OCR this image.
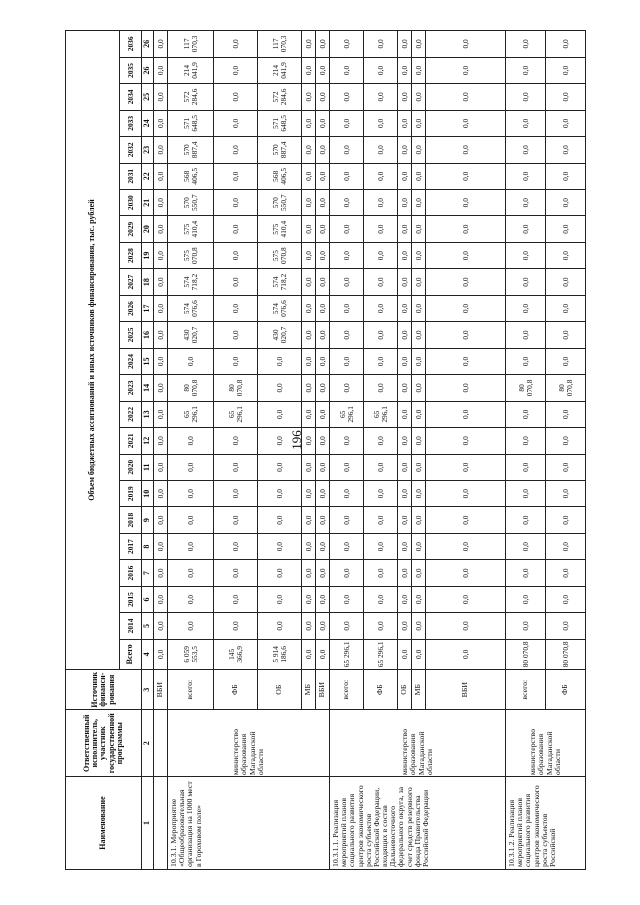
196
Наименование	Ответственный исполнитель, участник государственной программы	Источник финанси-рования	Объем бюджетных ассигнований и иных источников финансирования, тыс. рублей																							
			Всего	2014	2015	2016	2017	2018	2019	2020	2021	2022	2023	2024	2025	2026	2027	2028	2029	2030	2031	2032	2033	2034	2035	2036
1	2	3	4	5	6	7	8	9	10	11	12	13	14	15	16	17	18	19	20	21	22	23	24	25	26	26
		ВБИ	0,0	0,0	0,0	0,0	0,0	0,0	0,0	0,0	0,0	0,0	0,0	0,0	0,0	0,0	0,0	0,0	0,0	0,0	0,0	0,0	0,0	0,0	0,0	0,0
10.3.1. Мероприятие «Общеобразовательная организация на 1000 мест в Гороховом поле»	министерство образования Магаданской области	всего:	6 059 553,5	0,0	0,0	0,0	0,0	0,0	0,0	0,0	0,0	65 296,1	80 070,8	0,0	430 020,7	574 076,6	574 718,2	575 070,8	575 410,4	570 550,7	568 406,5	570 887,4	571 648,5	572 284,6	214 041,9	117 070,3
		ФБ	145 366,9	0,0	0,0	0,0	0,0	0,0	0,0	0,0	0,0	65 296,1	80 070,8	0,0	0,0	0,0	0,0	0,0	0,0	0,0	0,0	0,0	0,0	0,0	0,0	0,0
		ОБ	5 914 186,6	0,0	0,0	0,0	0,0	0,0	0,0	0,0	0,0	0,0	0,0	0,0	430 020,7	574 076,6	574 718,2	575 070,8	575 410,4	570 550,7	568 406,5	570 887,4	571 648,5	572 284,6	214 041,9	117 070,3
		МБ	0,0	0,0	0,0	0,0	0,0	0,0	0,0	0,0	0,0	0,0	0,0	0,0	0,0	0,0	0,0	0,0	0,0	0,0	0,0	0,0	0,0	0,0	0,0	0,0
		ВБИ	0,0	0,0	0,0	0,0	0,0	0,0	0,0	0,0	0,0	0,0	0,0	0,0	0,0	0,0	0,0	0,0	0,0	0,0	0,0	0,0	0,0	0,0	0,0	0,0
10.3.1.1. Реализация мероприятий планов социального развития центров экономического роста субъектов Российской Федерации, входящих в состав Дальневосточного федерального округа, за счет средств резервного фонда Правительства Российской Федерации	министерство образования Магаданской области	всего:	65 296,1	0,0	0,0	0,0	0,0	0,0	0,0	0,0	0,0	65 296,1	0,0	0,0	0,0	0,0	0,0	0,0	0,0	0,0	0,0	0,0	0,0	0,0	0,0	0,0
		ФБ	65 296,1	0,0	0,0	0,0	0,0	0,0	0,0	0,0	0,0	65 296,1	0,0	0,0	0,0	0,0	0,0	0,0	0,0	0,0	0,0	0,0	0,0	0,0	0,0	0,0
		ОБ	0,0	0,0	0,0	0,0	0,0	0,0	0,0	0,0	0,0	0,0	0,0	0,0	0,0	0,0	0,0	0,0	0,0	0,0	0,0	0,0	0,0	0,0	0,0	0,0
		МБ	0,0	0,0	0,0	0,0	0,0	0,0	0,0	0,0	0,0	0,0	0,0	0,0	0,0	0,0	0,0	0,0	0,0	0,0	0,0	0,0	0,0	0,0	0,0	0,0
		ВБИ	0,0	0,0	0,0	0,0	0,0	0,0	0,0	0,0	0,0	0,0	0,0	0,0	0,0	0,0	0,0	0,0	0,0	0,0	0,0	0,0	0,0	0,0	0,0	0,0
10.3.1.2. Реализация мероприятий планов социального развития центров экономического роста субъектов Российской	министерство образования Магаданской области	всего:	80 070,8	0,0	0,0	0,0	0,0	0,0	0,0	0,0	0,0	0,0	80 070,8	0,0	0,0	0,0	0,0	0,0	0,0	0,0	0,0	0,0	0,0	0,0	0,0	0,0
		ФБ	80 070,8	0,0	0,0	0,0	0,0	0,0	0,0	0,0	0,0	0,0	80 070,8	0,0	0,0	0,0	0,0	0,0	0,0	0,0	0,0	0,0	0,0	0,0	0,0	0,0
